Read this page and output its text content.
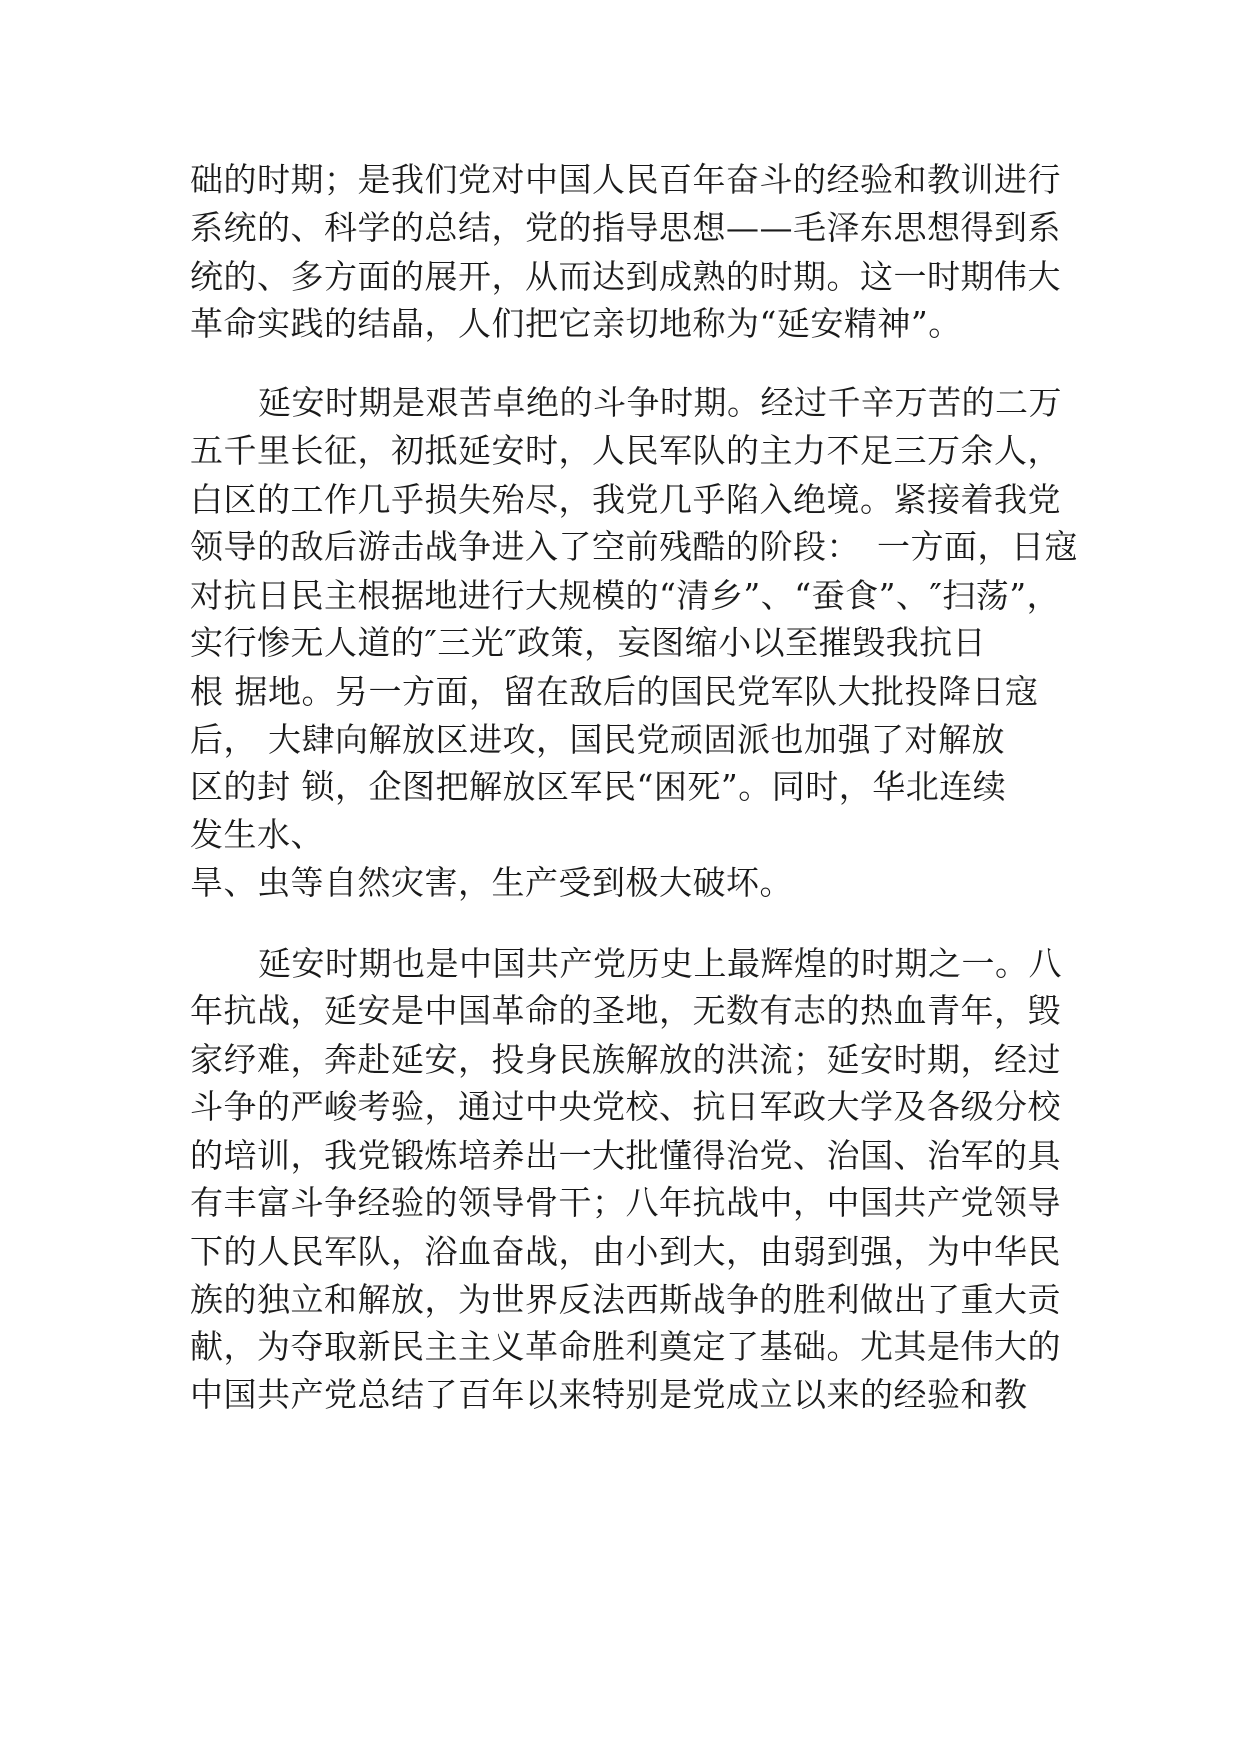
础的时期；是我们党对中国人民百年奋斗的经验和教训进行
系统的、科学的总结，党的指导思想——毛泽东思想得到系
统的、多方面的展开，从而达到成熟的时期。这一时期伟大
革命实践的结晶，人们把它亲切地称为“延安精神”。
延安时期是艰苦卓绝的斗争时期。经过千辛万苦的二万
五千里长征，初抵延安时，人民军队的主力不足三万余人，
白区的工作几乎损失殆尽，我党几乎陷入绝境。紧接着我党
领导的敌后游击战争进入了空前残酷的阶段：　一方面，日寇
对抗日民主根据地进行大规模的“清乡”、“蚕食”、″扫荡”，
实行惨无人道的″三光″政策，妄图缩小以至摧毁我抗日
根 据地。另一方面，留在敌后的国民党军队大批投降日寇
后， 大肆向解放区进攻，国民党顽固派也加强了对解放
区的封 锁，企图把解放区军民“困死”。同时，华北连续
发生水、
旱、虫等自然灾害，生产受到极大破坏。
延安时期也是中国共产党历史上最辉煌的时期之一。八
年抗战，延安是中国革命的圣地，无数有志的热血青年，毁
家纾难，奔赴延安，投身民族解放的洪流；延安时期，经过
斗争的严峻考验，通过中央党校、抗日军政大学及各级分校
的培训，我党锻炼培养出一大批懂得治党、治国、治军的具
有丰富斗争经验的领导骨干；八年抗战中，中国共产党领导
下的人民军队，浴血奋战，由小到大，由弱到强，为中华民
族的独立和解放，为世界反法西斯战争的胜利做出了重大贡
献，为夺取新民主主义革命胜利奠定了基础。尤其是伟大的
中国共产党总结了百年以来特别是党成立以来的经验和教
